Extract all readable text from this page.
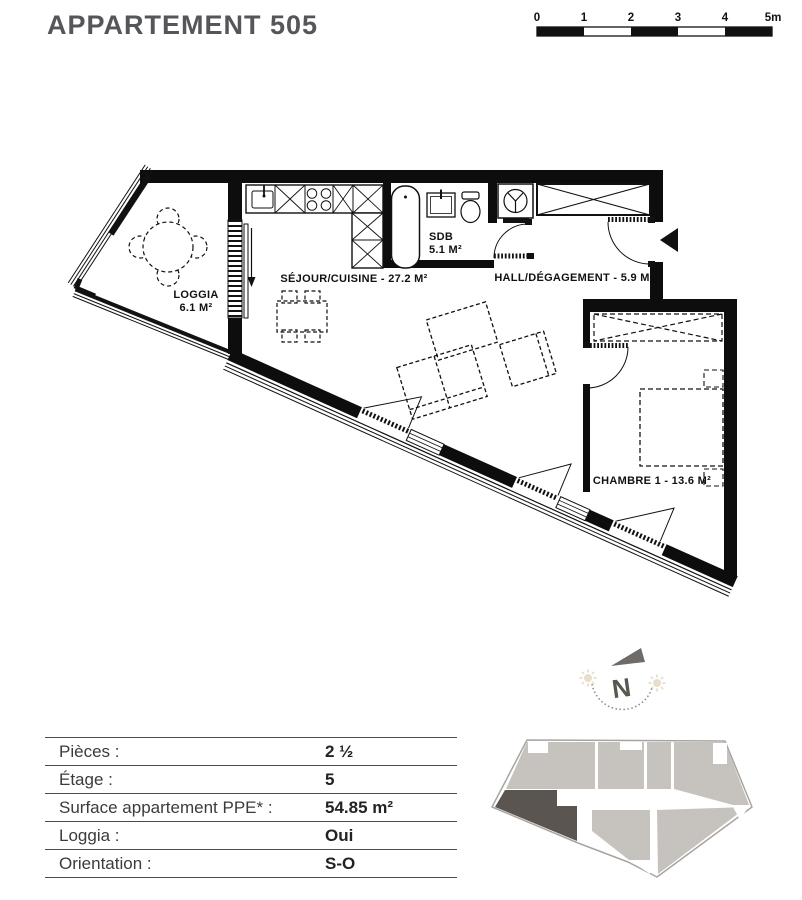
APPARTEMENT 505	0	1	2	3	4	5m
LOGGIA
6.1 M²
SÉJOUR/CUISINE - 27.2 M²
SDB
5.1 M²
HALL/DÉGAGEMENT - 5.9 M²
CHAMBRE 1 - 13.6 M²
N
Pièces :	2 ½
Étage :	5
Surface appartement PPE* :	54.85 m²
Loggia :	Oui
Orientation :	S-O
